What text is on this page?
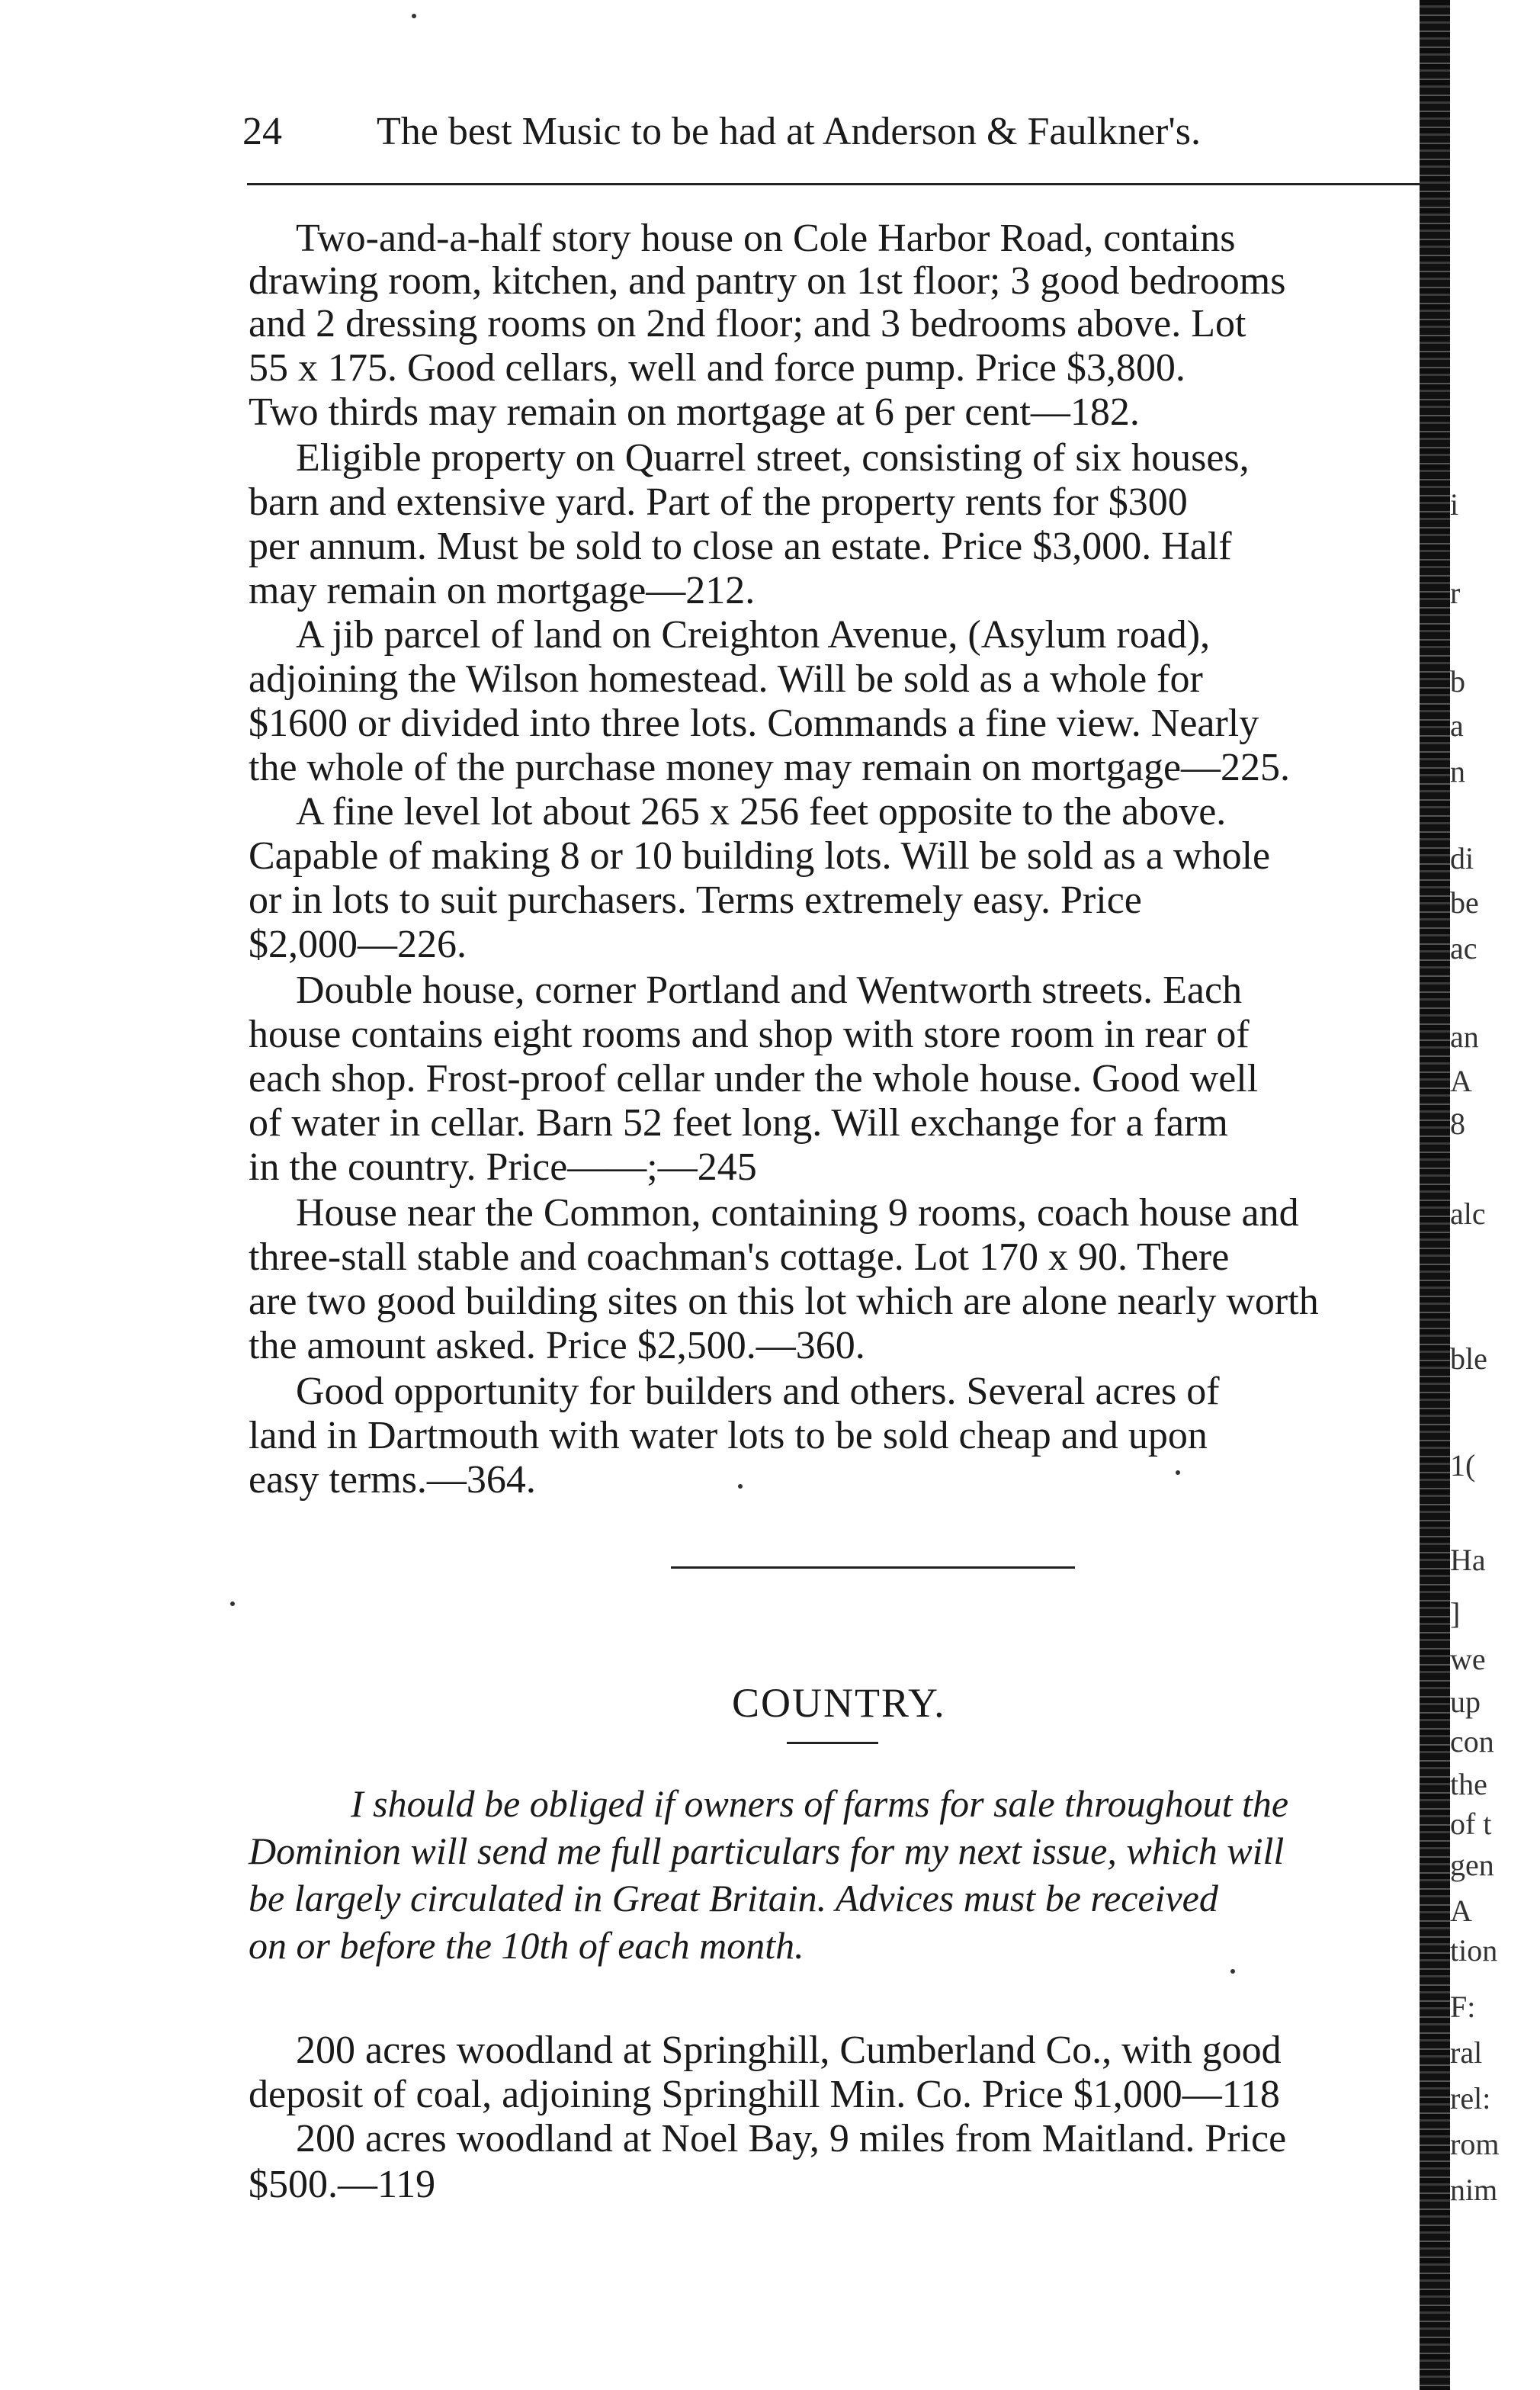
24 The best Music to be had at Anderson & Faulkner's.
Two-and-a-half story house on Cole Harbor Road, contains
drawing room, kitchen, and pantry on 1st floor; 3 good bedrooms
and 2 dressing rooms on 2nd floor; and 3 bedrooms above. Lot
55 x 175. Good cellars, well and force pump. Price $3,800.
Two thirds may remain on mortgage at 6 per cent—182.
Eligible property on Quarrel street, consisting of six houses,
barn and extensive yard. Part of the property rents for $300
per annum. Must be sold to close an estate. Price $3,000. Half
may remain on mortgage—212.
A jib parcel of land on Creighton Avenue, (Asylum road),
adjoining the Wilson homestead. Will be sold as a whole for
$1600 or divided into three lots. Commands a fine view. Nearly
the whole of the purchase money may remain on mortgage—225.
A fine level lot about 265 x 256 feet opposite to the above.
Capable of making 8 or 10 building lots. Will be sold as a whole
or in lots to suit purchasers. Terms extremely easy. Price
$2,000—226.
Double house, corner Portland and Wentworth streets. Each
house contains eight rooms and shop with store room in rear of
each shop. Frost-proof cellar under the whole house. Good well
of water in cellar. Barn 52 feet long. Will exchange for a farm
in the country. Price——;—245
House near the Common, containing 9 rooms, coach house and
three-stall stable and coachman's cottage. Lot 170 x 90. There
are two good building sites on this lot which are alone nearly worth
the amount asked. Price $2,500.—360.
Good opportunity for builders and others. Several acres of
land in Dartmouth with water lots to be sold cheap and upon
easy terms.—364.
COUNTRY.
I should be obliged if owners of farms for sale throughout the
Dominion will send me full particulars for my next issue, which will
be largely circulated in Great Britain. Advices must be received
on or before the 10th of each month.
200 acres woodland at Springhill, Cumberland Co., with good
deposit of coal, adjoining Springhill Min. Co. Price $1,000—118
200 acres woodland at Noel Bay, 9 miles from Maitland. Price
$500.—119
i
r
b
a
n
di
be
ac
an
A
8
alc
ble
1(
Ha
]
we
up
con
the
of t
gen
A
tion
F:
ral
rel:
rom
nim
